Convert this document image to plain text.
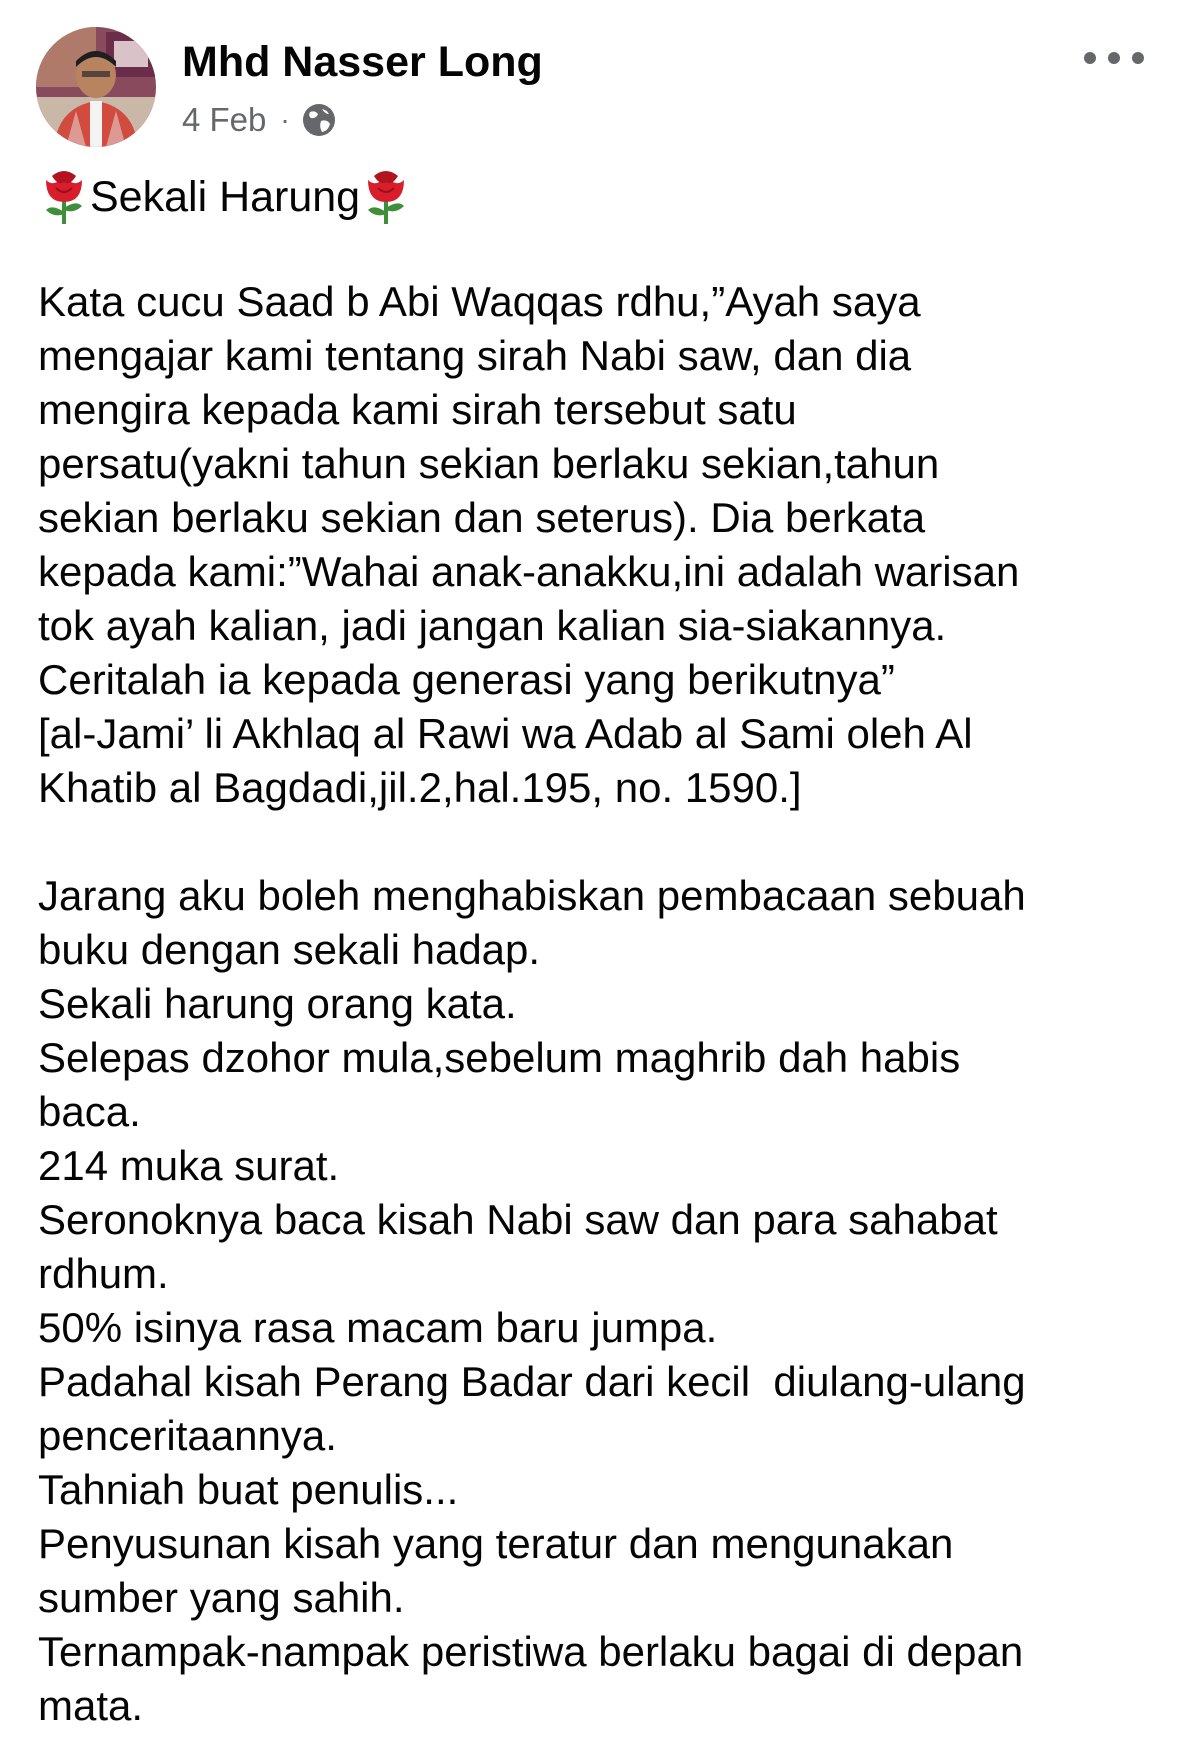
Mhd Nasser Long
4 Feb ·
Sekali Harung
Kata cucu Saad b Abi Waqqas rdhu,”Ayah saya
mengajar kami tentang sirah Nabi saw, dan dia
mengira kepada kami sirah tersebut satu
persatu(yakni tahun sekian berlaku sekian,tahun
sekian berlaku sekian dan seterus). Dia berkata
kepada kami:”Wahai anak-anakku,ini adalah warisan
tok ayah kalian, jadi jangan kalian sia-siakannya.
Ceritalah ia kepada generasi yang berikutnya”
[al-Jami’ li Akhlaq al Rawi wa Adab al Sami oleh Al
Khatib al Bagdadi,jil.2,hal.195, no. 1590.]

Jarang aku boleh menghabiskan pembacaan sebuah
buku dengan sekali hadap.
Sekali harung orang kata.
Selepas dzohor mula,sebelum maghrib dah habis
baca.
214 muka surat.
Seronoknya baca kisah Nabi saw dan para sahabat
rdhum.
50% isinya rasa macam baru jumpa.
Padahal kisah Perang Badar dari kecil  diulang-ulang
penceritaannya.
Tahniah buat penulis...
Penyusunan kisah yang teratur dan mengunakan
sumber yang sahih.
Ternampak-nampak peristiwa berlaku bagai di depan
mata.
